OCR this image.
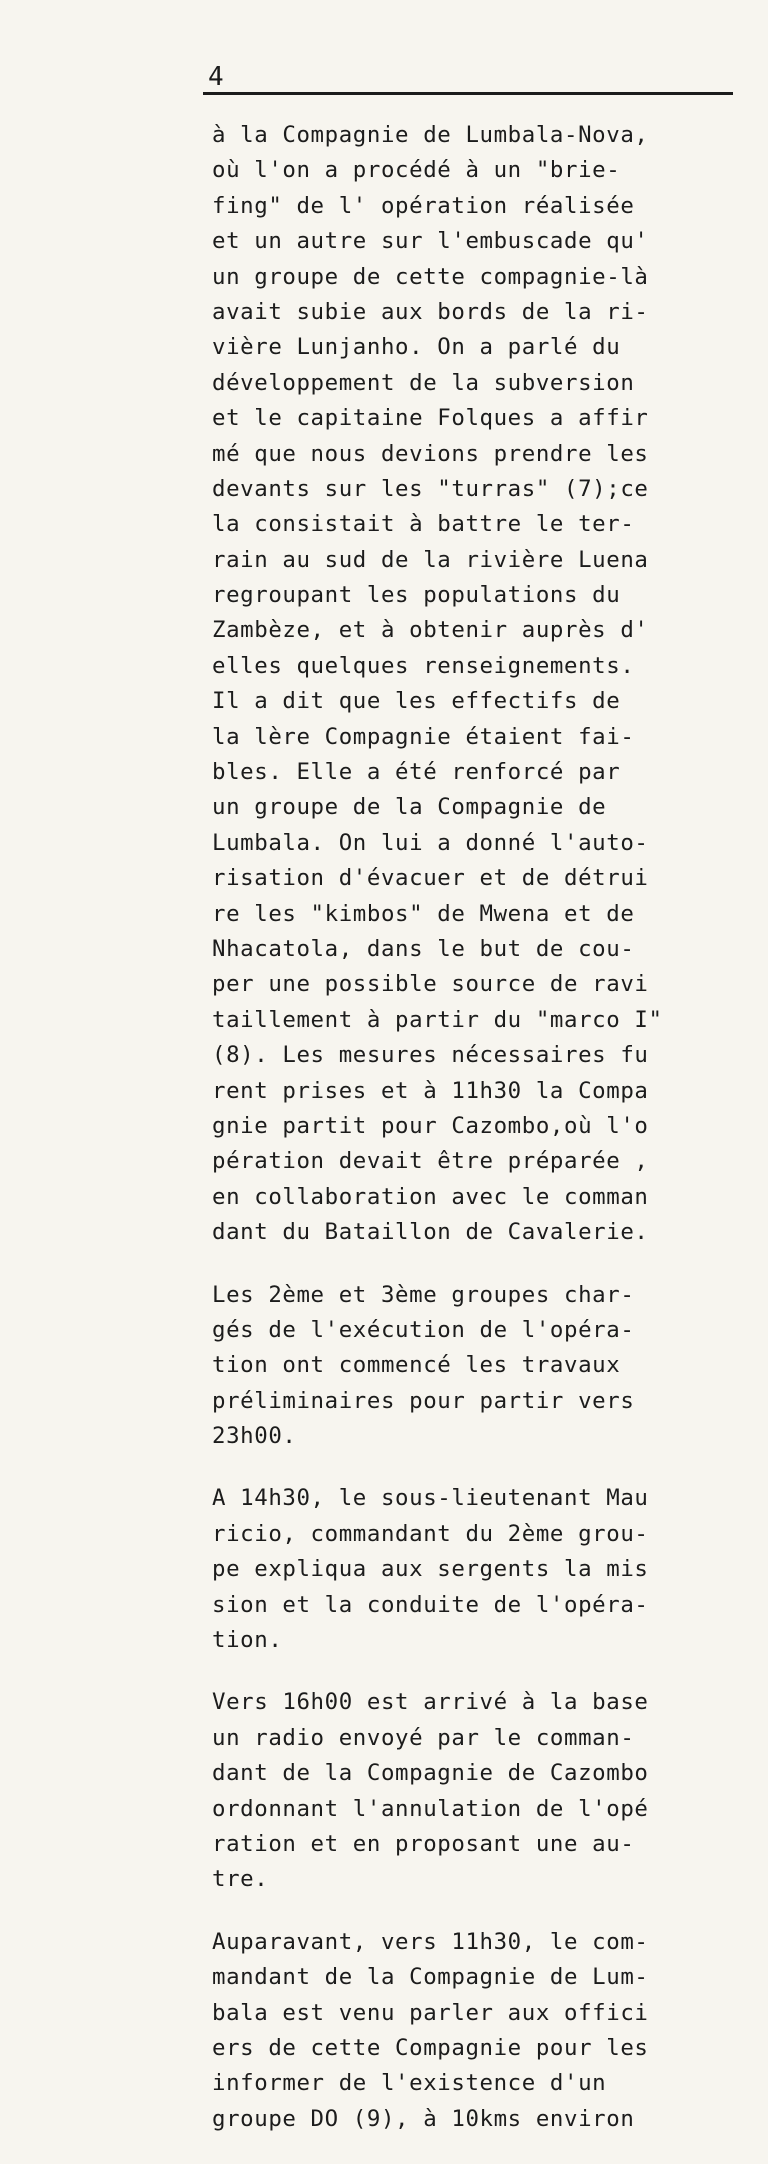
4
à la Compagnie de Lumbala-Nova,
où l'on a procédé à un "brie-
fing" de l' opération réalisée
et un autre sur l'embuscade qu'
un groupe de cette compagnie-là
avait subie aux bords de la ri-
vière Lunjanho. On a parlé du
développement de la subversion
et le capitaine Folques a affir
mé que nous devions prendre les
devants sur les "turras" (7);ce
la consistait à battre le ter-
rain au sud de la rivière Luena
regroupant les populations du
Zambèze, et à obtenir auprès d'
elles quelques renseignements.
Il a dit que les effectifs de
la lère Compagnie étaient fai-
bles. Elle a été renforcé par
un groupe de la Compagnie de
Lumbala. On lui a donné l'auto-
risation d'évacuer et de détrui
re les "kimbos" de Mwena et de
Nhacatola, dans le but de cou-
per une possible source de ravi
taillement à partir du "marco I"
(8). Les mesures nécessaires fu
rent prises et à 11h30 la Compa
gnie partit pour Cazombo,où l'o
pération devait être préparée ,
en collaboration avec le comman
dant du Bataillon de Cavalerie.
Les 2ème et 3ème groupes char-
gés de l'exécution de l'opéra-
tion ont commencé les travaux
préliminaires pour partir vers
23h00.
A 14h30, le sous-lieutenant Mau
ricio, commandant du 2ème grou-
pe expliqua aux sergents la mis
sion et la conduite de l'opéra-
tion.
Vers 16h00 est arrivé à la base
un radio envoyé par le comman-
dant de la Compagnie de Cazombo
ordonnant l'annulation de l'opé
ration et en proposant une au-
tre.
Auparavant, vers 11h30, le com-
mandant de la Compagnie de Lum-
bala est venu parler aux offici
ers de cette Compagnie pour les
informer de l'existence d'un
groupe DO (9), à 10kms environ
